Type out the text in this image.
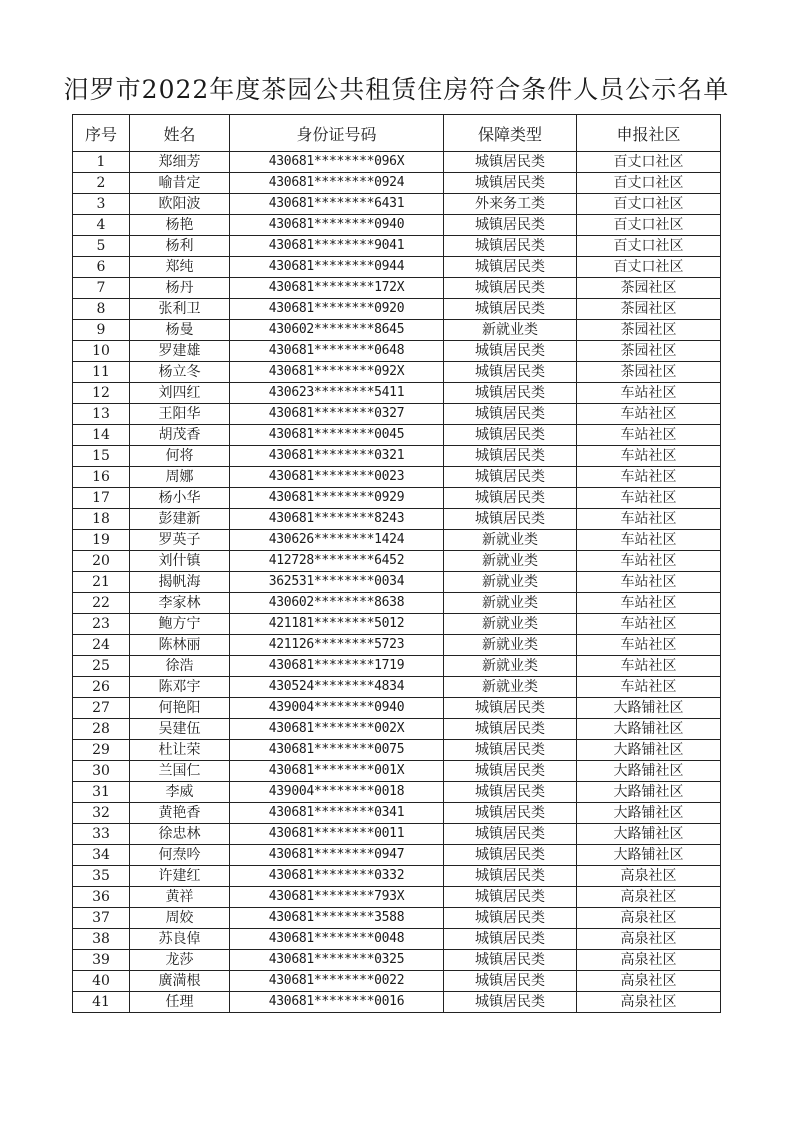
汨罗市2022年度茶园公共租赁住房符合条件人员公示名单
序号	姓名	身份证号码	保障类型	申报社区
1	郑细芳	430681********096X	城镇居民类	百丈口社区
2	喻昔定	430681********0924	城镇居民类	百丈口社区
3	欧阳波	430681********6431	外来务工类	百丈口社区
4	杨艳	430681********0940	城镇居民类	百丈口社区
5	杨利	430681********9041	城镇居民类	百丈口社区
6	郑纯	430681********0944	城镇居民类	百丈口社区
7	杨丹	430681********172X	城镇居民类	茶园社区
8	张利卫	430681********0920	城镇居民类	茶园社区
9	杨曼	430602********8645	新就业类	茶园社区
10	罗建雄	430681********0648	城镇居民类	茶园社区
11	杨立冬	430681********092X	城镇居民类	茶园社区
12	刘四红	430623********5411	城镇居民类	车站社区
13	王阳华	430681********0327	城镇居民类	车站社区
14	胡茂香	430681********0045	城镇居民类	车站社区
15	何将	430681********0321	城镇居民类	车站社区
16	周娜	430681********0023	城镇居民类	车站社区
17	杨小华	430681********0929	城镇居民类	车站社区
18	彭建新	430681********8243	城镇居民类	车站社区
19	罗英子	430626********1424	新就业类	车站社区
20	刘什镇	412728********6452	新就业类	车站社区
21	揭帆海	362531********0034	新就业类	车站社区
22	李家林	430602********8638	新就业类	车站社区
23	鲍方宁	421181********5012	新就业类	车站社区
24	陈林丽	421126********5723	新就业类	车站社区
25	徐浩	430681********1719	新就业类	车站社区
26	陈邓宇	430524********4834	新就业类	车站社区
27	何艳阳	439004********0940	城镇居民类	大路铺社区
28	吴建伍	430681********002X	城镇居民类	大路铺社区
29	杜让荣	430681********0075	城镇居民类	大路铺社区
30	兰国仁	430681********001X	城镇居民类	大路铺社区
31	李威	439004********0018	城镇居民类	大路铺社区
32	黄艳香	430681********0341	城镇居民类	大路铺社区
33	徐忠林	430681********0011	城镇居民类	大路铺社区
34	何焘吟	430681********0947	城镇居民类	大路铺社区
35	许建红	430681********0332	城镇居民类	高泉社区
36	黄祥	430681********793X	城镇居民类	高泉社区
37	周姣	430681********3588	城镇居民类	高泉社区
38	苏良倬	430681********0048	城镇居民类	高泉社区
39	龙莎	430681********0325	城镇居民类	高泉社区
40	廣満根	430681********0022	城镇居民类	高泉社区
41	任理	430681********0016	城镇居民类	高泉社区
